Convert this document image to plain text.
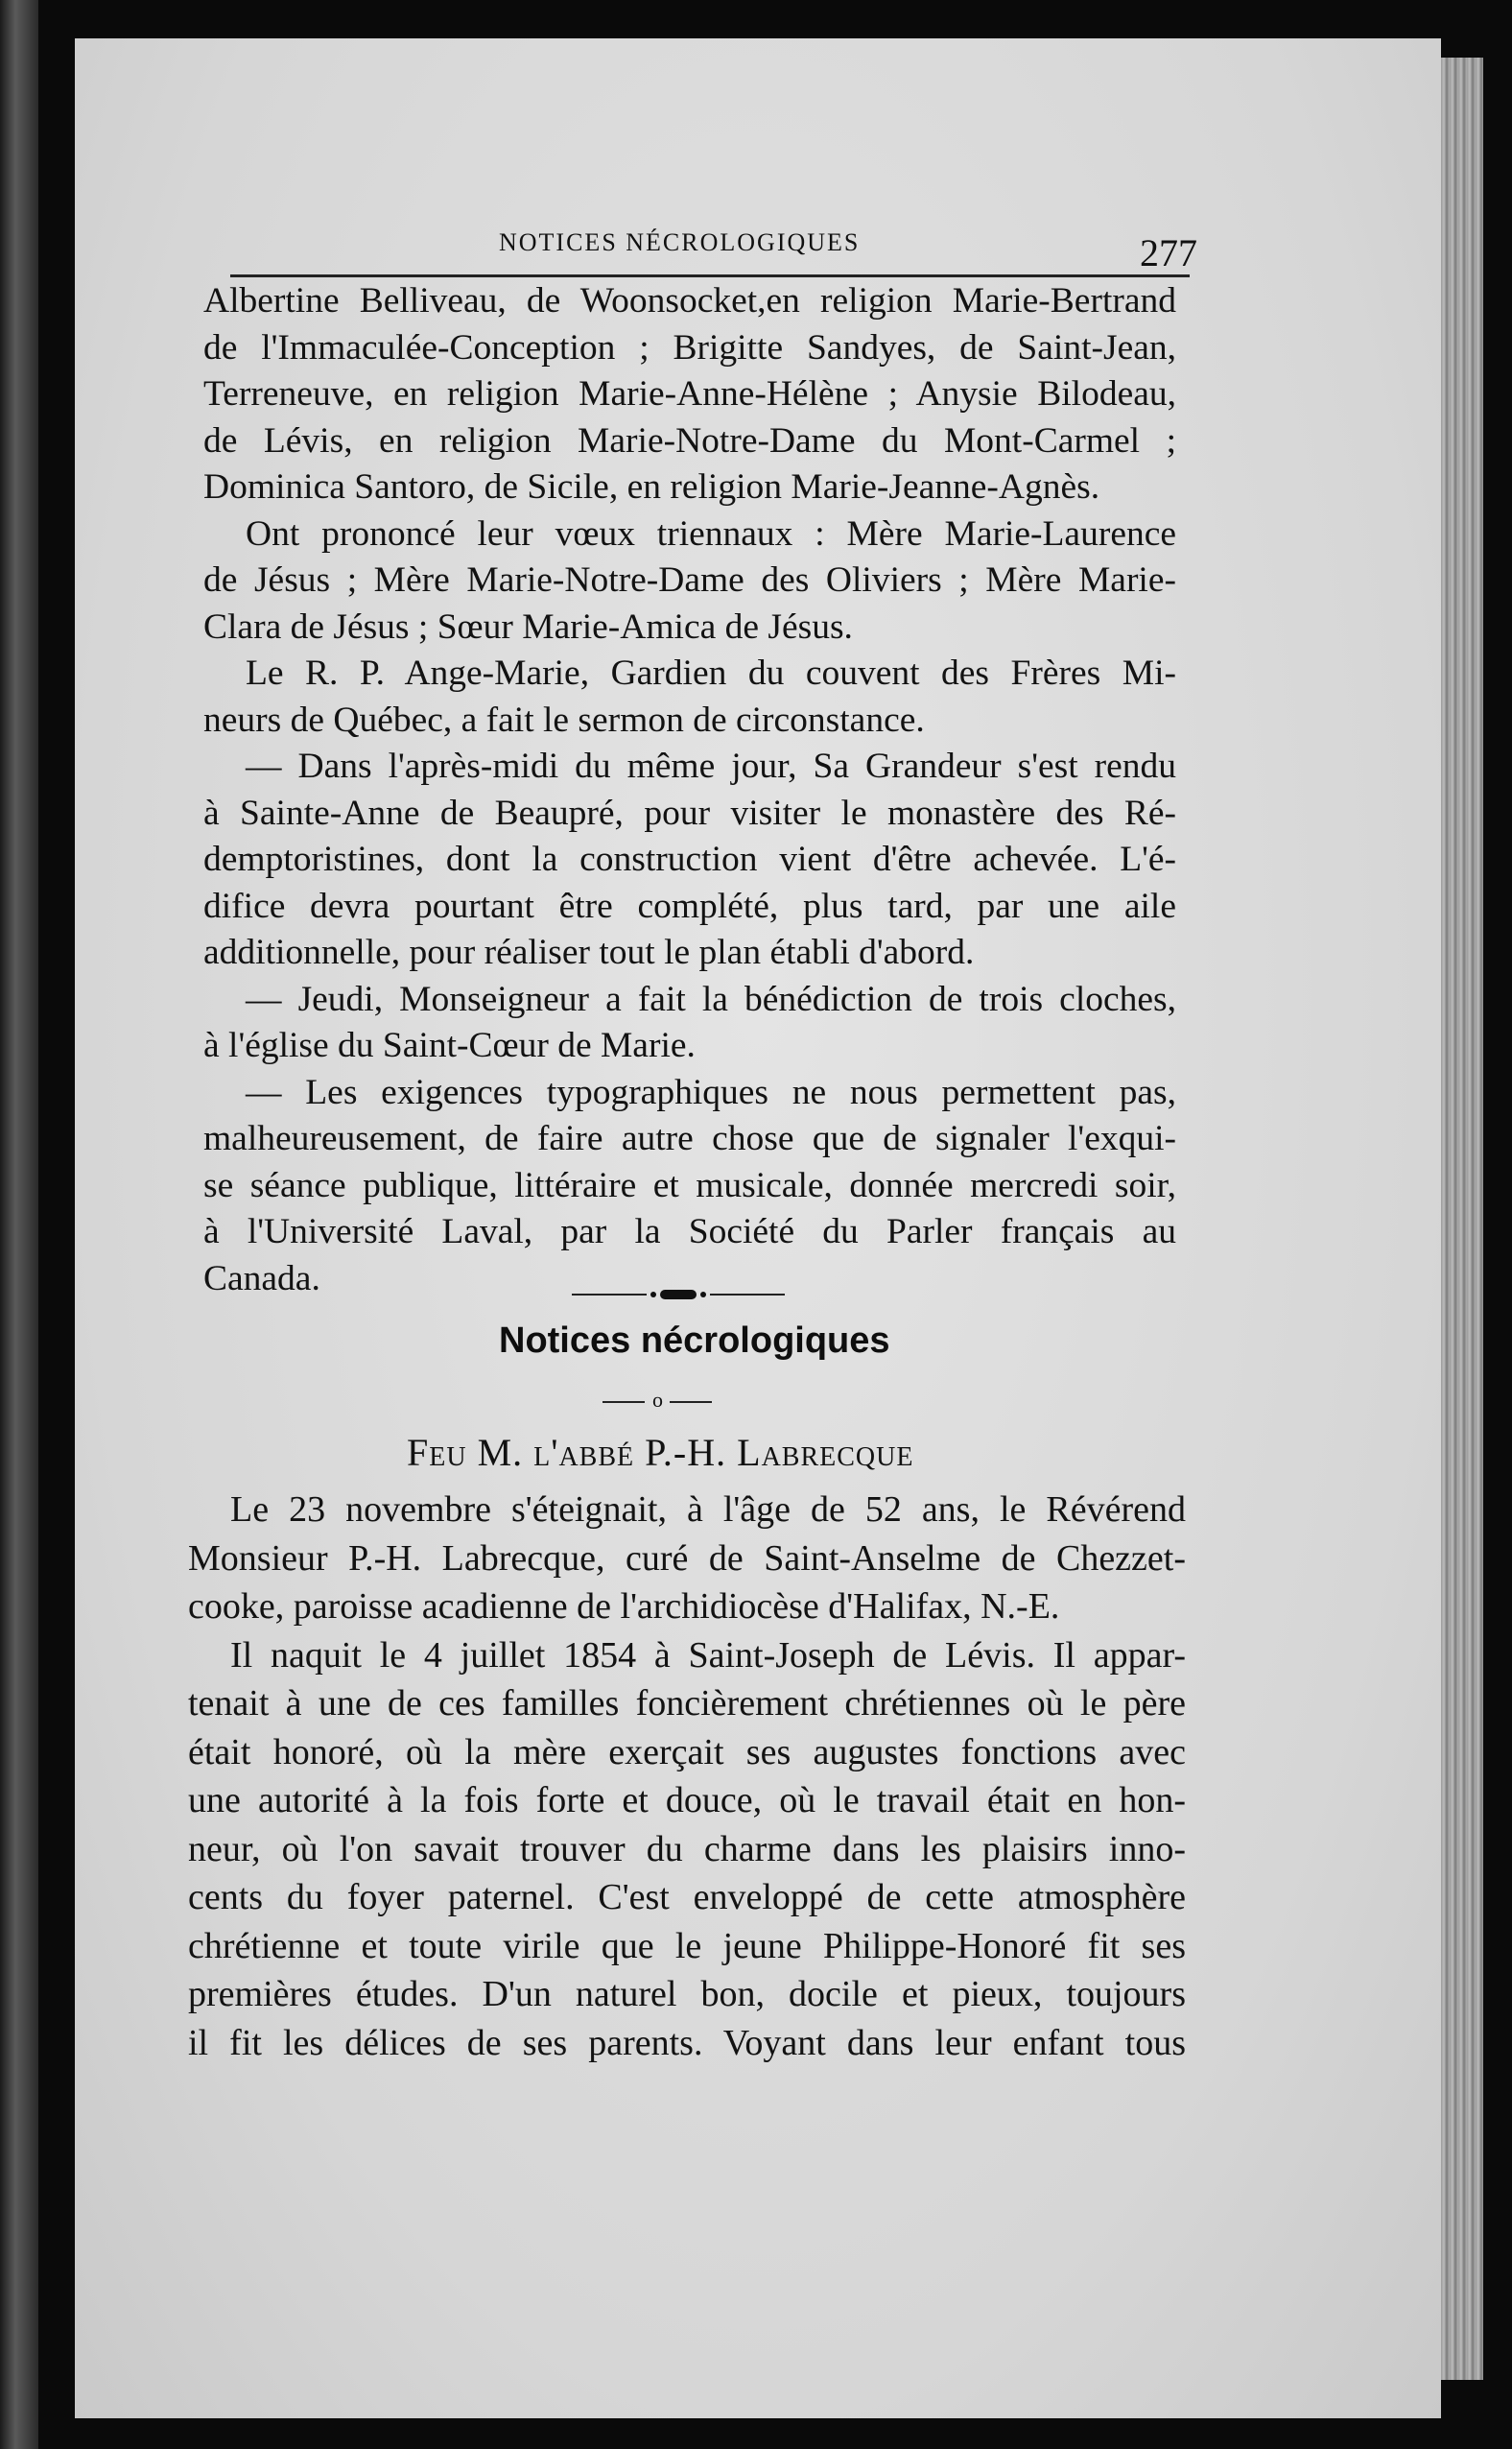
NOTICES NÉCROLOGIQUES	277
Albertine Belliveau, de Woonsocket,en religion Marie-Bertrand
de l'Immaculée-Conception ; Brigitte Sandyes, de Saint-Jean,
Terreneuve, en religion Marie-Anne-Hélène ; Anysie Bilodeau,
de Lévis, en religion Marie-Notre-Dame du Mont-Carmel ;
Dominica Santoro, de Sicile, en religion Marie-Jeanne-Agnès.
Ont prononcé leur vœux triennaux : Mère Marie-Laurence
de Jésus ; Mère Marie-Notre-Dame des Oliviers ; Mère Marie-
Clara de Jésus ; Sœur Marie-Amica de Jésus.
Le R. P. Ange-Marie, Gardien du couvent des Frères Mi-
neurs de Québec, a fait le sermon de circonstance.
— Dans l'après-midi du même jour, Sa Grandeur s'est rendu
à Sainte-Anne de Beaupré, pour visiter le monastère des Ré-
demptoristines, dont la construction vient d'être achevée. L'é-
difice devra pourtant être complété, plus tard, par une aile
additionnelle, pour réaliser tout le plan établi d'abord.
— Jeudi, Monseigneur a fait la bénédiction de trois cloches,
à l'église du Saint-Cœur de Marie.
— Les exigences typographiques ne nous permettent pas,
malheureusement, de faire autre chose que de signaler l'exqui-
se séance publique, littéraire et musicale, donnée mercredi soir,
à l'Université Laval, par la Société du Parler français au
Canada.
Notices nécrologiques
o
Feu M. l'abbé P.-H. Labrecque
Le 23 novembre s'éteignait, à l'âge de 52 ans, le Révérend
Monsieur P.-H. Labrecque, curé de Saint-Anselme de Chezzet-
cooke, paroisse acadienne de l'archidiocèse d'Halifax, N.-E.
Il naquit le 4 juillet 1854 à Saint-Joseph de Lévis. Il appar-
tenait à une de ces familles foncièrement chrétiennes où le père
était honoré, où la mère exerçait ses augustes fonctions avec
une autorité à la fois forte et douce, où le travail était en hon-
neur, où l'on savait trouver du charme dans les plaisirs inno-
cents du foyer paternel. C'est enveloppé de cette atmosphère
chrétienne et toute virile que le jeune Philippe-Honoré fit ses
premières études. D'un naturel bon, docile et pieux, toujours
il fit les délices de ses parents. Voyant dans leur enfant tous
